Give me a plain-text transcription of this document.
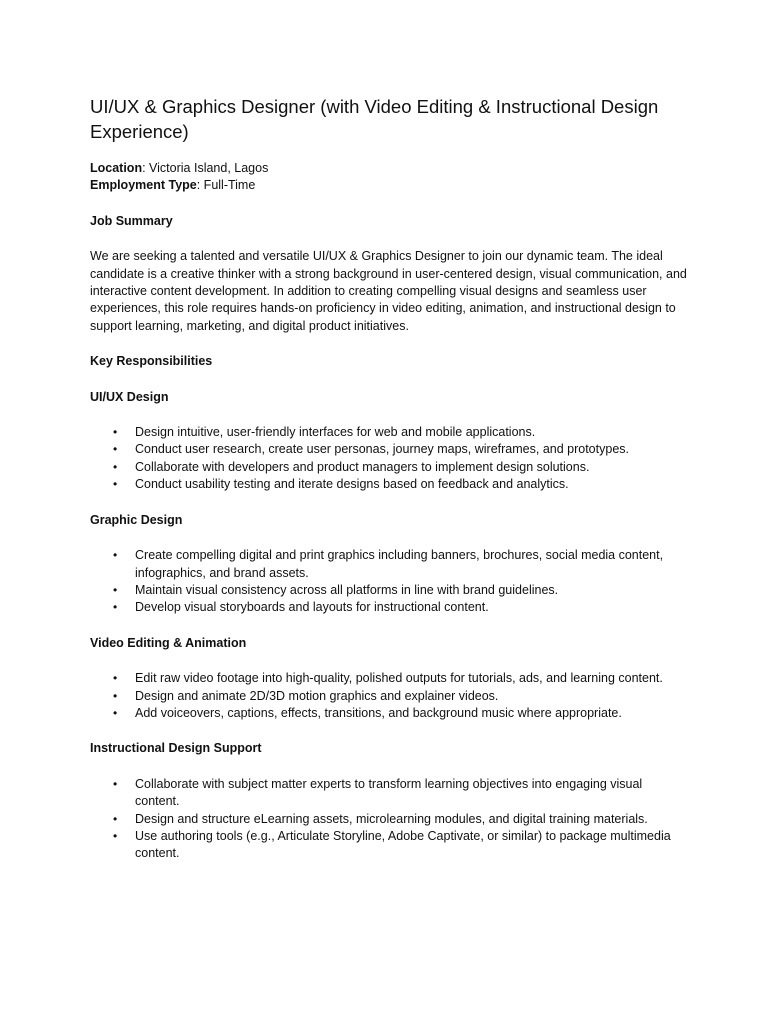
UI/UX & Graphics Designer (with Video Editing & Instructional Design Experience)

Location: Victoria Island, Lagos

Employment Type: Full-Time

Job Summary

We are seeking a talented and versatile UI/UX & Graphics Designer to join our dynamic team. The ideal candidate is a creative thinker with a strong background in user-centered design, visual communication, and interactive content development. In addition to creating compelling visual designs and seamless user experiences, this role requires hands-on proficiency in video editing, animation, and instructional design to support learning, marketing, and digital product initiatives.

Key Responsibilities

UI/UX Design

• Design intuitive, user-friendly interfaces for web and mobile applications.
• Conduct user research, create user personas, journey maps, wireframes, and prototypes.
• Collaborate with developers and product managers to implement design solutions.
• Conduct usability testing and iterate designs based on feedback and analytics.

Graphic Design

• Create compelling digital and print graphics including banners, brochures, social media content, infographics, and brand assets.
• Maintain visual consistency across all platforms in line with brand guidelines.
• Develop visual storyboards and layouts for instructional content.

Video Editing & Animation

• Edit raw video footage into high-quality, polished outputs for tutorials, ads, and learning content.
• Design and animate 2D/3D motion graphics and explainer videos.
• Add voiceovers, captions, effects, transitions, and background music where appropriate.

Instructional Design Support

• Collaborate with subject matter experts to transform learning objectives into engaging visual content.
• Design and structure eLearning assets, microlearning modules, and digital training materials.
• Use authoring tools (e.g., Articulate Storyline, Adobe Captivate, or similar) to package multimedia content.
